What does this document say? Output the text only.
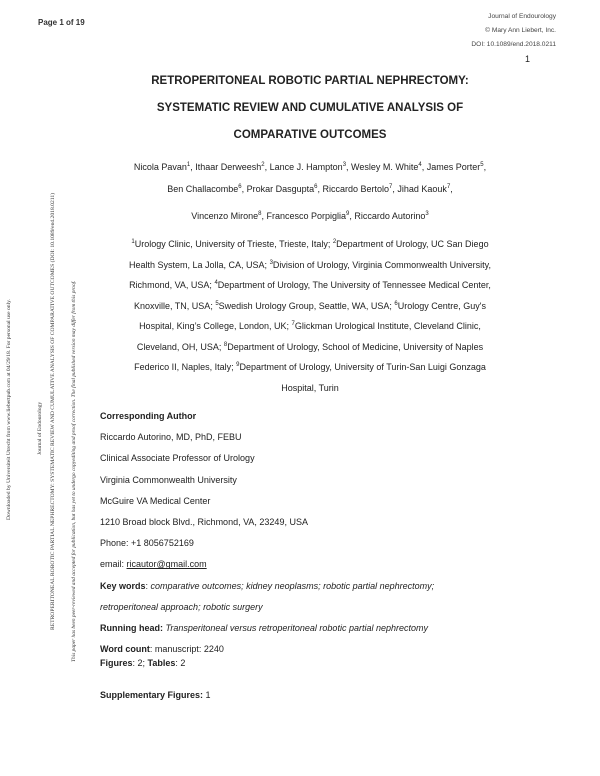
Page 1 of 19
Journal of Endourology
© Mary Ann Liebert, Inc.
DOI: 10.1089/end.2018.0211
1
RETROPERITONEAL ROBOTIC PARTIAL NEPHRECTOMY:
SYSTEMATIC REVIEW AND CUMULATIVE ANALYSIS OF
COMPARATIVE OUTCOMES
Nicola Pavan$^1$, Ithaar Derweesh$^2$, Lance J. Hampton$^3$, Wesley M. White$^4$, James Porter$^5$,
Ben Challacombe$^6$, Prokar Dasgupta$^6$, Riccardo Bertolo$^7$, Jihad Kaouk$^7$,
Vincenzo Mirone$^8$, Francesco Porpiglia$^9$, Riccardo Autorino$^3$
$^1$Urology Clinic, University of Trieste, Trieste, Italy; $^2$Department of Urology, UC San Diego
Health System, La Jolla, CA, USA; $^3$Division of Urology, Virginia Commonwealth University,
Richmond, VA, USA; $^4$Department of Urology, The University of Tennessee Medical Center,
Knoxville, TN, USA; $^5$Swedish Urology Group, Seattle, WA, USA; $^6$Urology Centre, Guy's
Hospital, King’s College, London, UK; $^7$Glickman Urological Institute, Cleveland Clinic,
Cleveland, OH, USA; $^8$Department of Urology, School of Medicine, University of Naples
Federico II, Naples, Italy; $^9$Department of Urology, University of Turin-San Luigi Gonzaga
Hospital, Turin
Corresponding Author
Riccardo Autorino, MD, PhD, FEBU
Clinical Associate Professor of Urology
Virginia Commonwealth University
McGuire VA Medical Center
1210 Broad block Blvd., Richmond, VA, 23249, USA
Phone: +1 8056752169
email: ricautor@gmail.com
Key words: comparative outcomes; kidney neoplasms; robotic partial nephrectomy;
retroperitoneal approach; robotic surgery
Running head: Transperitoneal versus retroperitoneal robotic partial nephrectomy
Word count: manuscript: 2240
Figures: 2; Tables: 2
Supplementary Figures: 1
Downloaded by Universiteit Utrecht from www.liebertpub.com at 04/29/18. For personal use only.	Journal of Endourology RETROPERITONEAL ROBOTIC PARTIAL NEPHRECTOMY: SYSTEMATIC REVIEW AND CUMULATIVE ANALYSIS OF COMPARATIVE OUTCOMES (DOI: 10.1089/end.2018.0211)	This paper has been peer-reviewed and accepted for publication, but has yet to undergo copyediting and proof correction. The final published version may differ from this proof.
